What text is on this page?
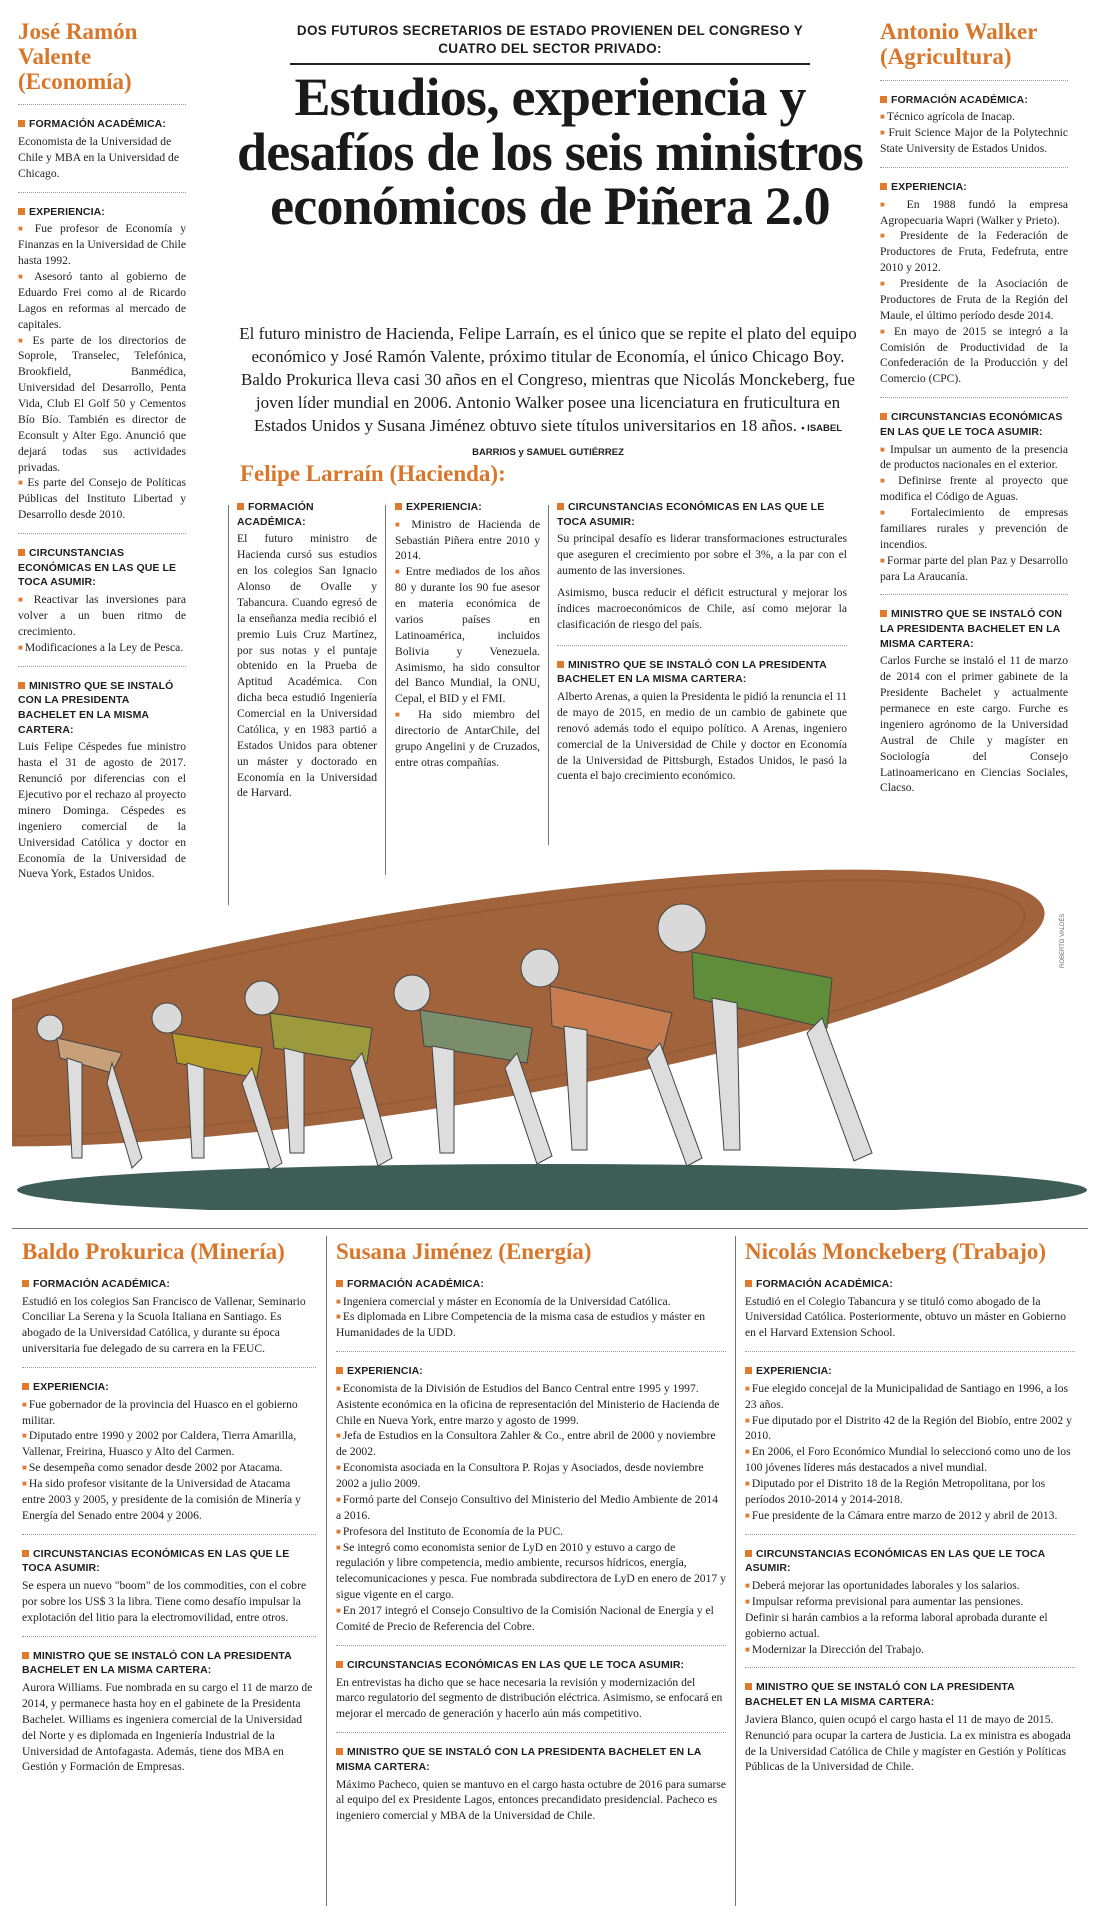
José Ramón Valente (Economía)
FORMACIÓN ACADÉMICA:
Economista de la Universidad de Chile y MBA en la Universidad de Chicago.
EXPERIENCIA:
■ Fue profesor de Economía y Finanzas en la Universidad de Chile hasta 1992.
■ Asesoró tanto al gobierno de Eduardo Frei como al de Ricardo Lagos en reformas al mercado de capitales.
■ Es parte de los directorios de Soprole, Transelec, Telefónica, Brookfield, Banmédica, Universidad del Desarrollo, Penta Vida, Club El Golf 50 y Cementos Bío Bío. También es director de Econsult y Alter Ego. Anunció que dejará todas sus actividades privadas.
■ Es parte del Consejo de Políticas Públicas del Instituto Libertad y Desarrollo desde 2010.
CIRCUNSTANCIAS ECONÓMICAS EN LAS QUE LE TOCA ASUMIR:
■ Reactivar las inversiones para volver a un buen ritmo de crecimiento.
■ Modificaciones a la Ley de Pesca.
MINISTRO QUE SE INSTALÓ CON LA PRESIDENTA BACHELET EN LA MISMA CARTERA:
Luis Felipe Céspedes fue ministro hasta el 31 de agosto de 2017. Renunció por diferencias con el Ejecutivo por el rechazo al proyecto minero Dominga. Céspedes es ingeniero comercial de la Universidad Católica y doctor en Economía de la Universidad de Nueva York, Estados Unidos.
DOS FUTUROS SECRETARIOS DE ESTADO PROVIENEN DEL CONGRESO Y CUATRO DEL SECTOR PRIVADO:
Estudios, experiencia y desafíos de los seis ministros económicos de Piñera 2.0
El futuro ministro de Hacienda, Felipe Larraín, es el único que se repite el plato del equipo económico y José Ramón Valente, próximo titular de Economía, el único Chicago Boy. Baldo Prokurica lleva casi 30 años en el Congreso, mientras que Nicolás Monckeberg, fue joven líder mundial en 2006. Antonio Walker posee una licenciatura en fruticultura en Estados Unidos y Susana Jiménez obtuvo siete títulos universitarios en 18 años. • ISABEL BARRIOS y SAMUEL GUTIÉRREZ
Felipe Larraín (Hacienda):
FORMACIÓN ACADÉMICA:
El futuro ministro de Hacienda cursó sus estudios en los colegios San Ignacio Alonso de Ovalle y Tabancura. Cuando egresó de la enseñanza media recibió el premio Luis Cruz Martínez, por sus notas y el puntaje obtenido en la Prueba de Aptitud Académica. Con dicha beca estudió Ingeniería Comercial en la Universidad Católica, y en 1983 partió a Estados Unidos para obtener un máster y doctorado en Economía en la Universidad de Harvard.
EXPERIENCIA:
■ Ministro de Hacienda de Sebastián Piñera entre 2010 y 2014.
■ Entre mediados de los años 80 y durante los 90 fue asesor en materia económica de varios países en Latinoamérica, incluidos Bolivia y Venezuela. Asimismo, ha sido consultor del Banco Mundial, la ONU, Cepal, el BID y el FMI.
■ Ha sido miembro del directorio de AntarChile, del grupo Angelini y de Cruzados, entre otras compañías.
CIRCUNSTANCIAS ECONÓMICAS EN LAS QUE LE TOCA ASUMIR:
Su principal desafío es liderar transformaciones estructurales que aseguren el crecimiento por sobre el 3%, a la par con el aumento de las inversiones.
Asimismo, busca reducir el déficit estructural y mejorar los índices macroeconómicos de Chile, así como mejorar la clasificación de riesgo del país.
MINISTRO QUE SE INSTALÓ CON LA PRESIDENTA BACHELET EN LA MISMA CARTERA:
Alberto Arenas, a quien la Presidenta le pidió la renuncia el 11 de mayo de 2015, en medio de un cambio de gabinete que renovó además todo el equipo político. A Arenas, ingeniero comercial de la Universidad de Chile y doctor en Economía de la Universidad de Pittsburgh, Estados Unidos, le pasó la cuenta el bajo crecimiento económico.
Antonio Walker (Agricultura)
FORMACIÓN ACADÉMICA:
■ Técnico agrícola de Inacap.
■ Fruit Science Major de la Polytechnic State University de Estados Unidos.
EXPERIENCIA:
■ En 1988 fundó la empresa Agropecuaria Wapri (Walker y Prieto).
■ Presidente de la Federación de Productores de Fruta, Fedefruta, entre 2010 y 2012.
■ Presidente de la Asociación de Productores de Fruta de la Región del Maule, el último período desde 2014.
■ En mayo de 2015 se integró a la Comisión de Productividad de la Confederación de la Producción y del Comercio (CPC).
CIRCUNSTANCIAS ECONÓMICAS EN LAS QUE LE TOCA ASUMIR:
■ Impulsar un aumento de la presencia de productos nacionales en el exterior.
■ Definirse frente al proyecto que modifica el Código de Aguas.
■ Fortalecimiento de empresas familiares rurales y prevención de incendios.
■ Formar parte del plan Paz y Desarrollo para La Araucanía.
MINISTRO QUE SE INSTALÓ CON LA PRESIDENTA BACHELET EN LA MISMA CARTERA:
Carlos Furche se instaló el 11 de marzo de 2014 con el primer gabinete de la Presidente Bachelet y actualmente permanece en este cargo. Furche es ingeniero agrónomo de la Universidad Austral de Chile y magíster en Sociología del Consejo Latinoamericano en Ciencias Sociales, Clacso.
ROBERTO VALDÉS
Baldo Prokurica (Minería)
FORMACIÓN ACADÉMICA:
Estudió en los colegios San Francisco de Vallenar, Seminario Conciliar La Serena y la Scuola Italiana en Santiago. Es abogado de la Universidad Católica, y durante su época universitaria fue delegado de su carrera en la FEUC.
EXPERIENCIA:
■ Fue gobernador de la provincia del Huasco en el gobierno militar.
■ Diputado entre 1990 y 2002 por Caldera, Tierra Amarilla, Vallenar, Freirina, Huasco y Alto del Carmen.
■ Se desempeña como senador desde 2002 por Atacama.
■ Ha sido profesor visitante de la Universidad de Atacama entre 2003 y 2005, y presidente de la comisión de Minería y Energía del Senado entre 2004 y 2006.
CIRCUNSTANCIAS ECONÓMICAS EN LAS QUE LE TOCA ASUMIR:
Se espera un nuevo "boom" de los commodities, con el cobre por sobre los US$ 3 la libra. Tiene como desafío impulsar la explotación del litio para la electromovilidad, entre otros.
MINISTRO QUE SE INSTALÓ CON LA PRESIDENTA BACHELET EN LA MISMA CARTERA:
Aurora Williams. Fue nombrada en su cargo el 11 de marzo de 2014, y permanece hasta hoy en el gabinete de la Presidenta Bachelet. Williams es ingeniera comercial de la Universidad del Norte y es diplomada en Ingeniería Industrial de la Universidad de Antofagasta. Además, tiene dos MBA en Gestión y Formación de Empresas.
Susana Jiménez (Energía)
FORMACIÓN ACADÉMICA:
■ Ingeniera comercial y máster en Economía de la Universidad Católica.
■ Es diplomada en Libre Competencia de la misma casa de estudios y máster en Humanidades de la UDD.
EXPERIENCIA:
■ Economista de la División de Estudios del Banco Central entre 1995 y 1997.
Asistente económica en la oficina de representación del Ministerio de Hacienda de Chile en Nueva York, entre marzo y agosto de 1999.
■ Jefa de Estudios en la Consultora Zahler & Co., entre abril de 2000 y noviembre de 2002.
■ Economista asociada en la Consultora P. Rojas y Asociados, desde noviembre 2002 a julio 2009.
■ Formó parte del Consejo Consultivo del Ministerio del Medio Ambiente de 2014 a 2016.
■ Profesora del Instituto de Economía de la PUC.
■ Se integró como economista senior de LyD en 2010 y estuvo a cargo de regulación y libre competencia, medio ambiente, recursos hídricos, energía, telecomunicaciones y pesca. Fue nombrada subdirectora de LyD en enero de 2017 y sigue vigente en el cargo.
■ En 2017 integró el Consejo Consultivo de la Comisión Nacional de Energía y el Comité de Precio de Referencia del Cobre.
CIRCUNSTANCIAS ECONÓMICAS EN LAS QUE LE TOCA ASUMIR:
En entrevistas ha dicho que se hace necesaria la revisión y modernización del marco regulatorio del segmento de distribución eléctrica. Asimismo, se enfocará en mejorar el mercado de generación y hacerlo aún más competitivo.
MINISTRO QUE SE INSTALÓ CON LA PRESIDENTA BACHELET EN LA MISMA CARTERA:
Máximo Pacheco, quien se mantuvo en el cargo hasta octubre de 2016 para sumarse al equipo del ex Presidente Lagos, entonces precandidato presidencial. Pacheco es ingeniero comercial y MBA de la Universidad de Chile.
Nicolás Monckeberg (Trabajo)
FORMACIÓN ACADÉMICA:
Estudió en el Colegio Tabancura y se tituló como abogado de la Universidad Católica. Posteriormente, obtuvo un máster en Gobierno en el Harvard Extension School.
EXPERIENCIA:
■ Fue elegido concejal de la Municipalidad de Santiago en 1996, a los 23 años.
■ Fue diputado por el Distrito 42 de la Región del Biobío, entre 2002 y 2010.
■ En 2006, el Foro Económico Mundial lo seleccionó como uno de los 100 jóvenes líderes más destacados a nivel mundial.
■ Diputado por el Distrito 18 de la Región Metropolitana, por los períodos 2010-2014 y 2014-2018.
■ Fue presidente de la Cámara entre marzo de 2012 y abril de 2013.
CIRCUNSTANCIAS ECONÓMICAS EN LAS QUE LE TOCA ASUMIR:
■ Deberá mejorar las oportunidades laborales y los salarios.
■ Impulsar reforma previsional para aumentar las pensiones.
Definir si harán cambios a la reforma laboral aprobada durante el gobierno actual.
■ Modernizar la Dirección del Trabajo.
MINISTRO QUE SE INSTALÓ CON LA PRESIDENTA BACHELET EN LA MISMA CARTERA:
Javiera Blanco, quien ocupó el cargo hasta el 11 de mayo de 2015. Renunció para ocupar la cartera de Justicia. La ex ministra es abogada de la Universidad Católica de Chile y magíster en Gestión y Políticas Públicas de la Universidad de Chile.
